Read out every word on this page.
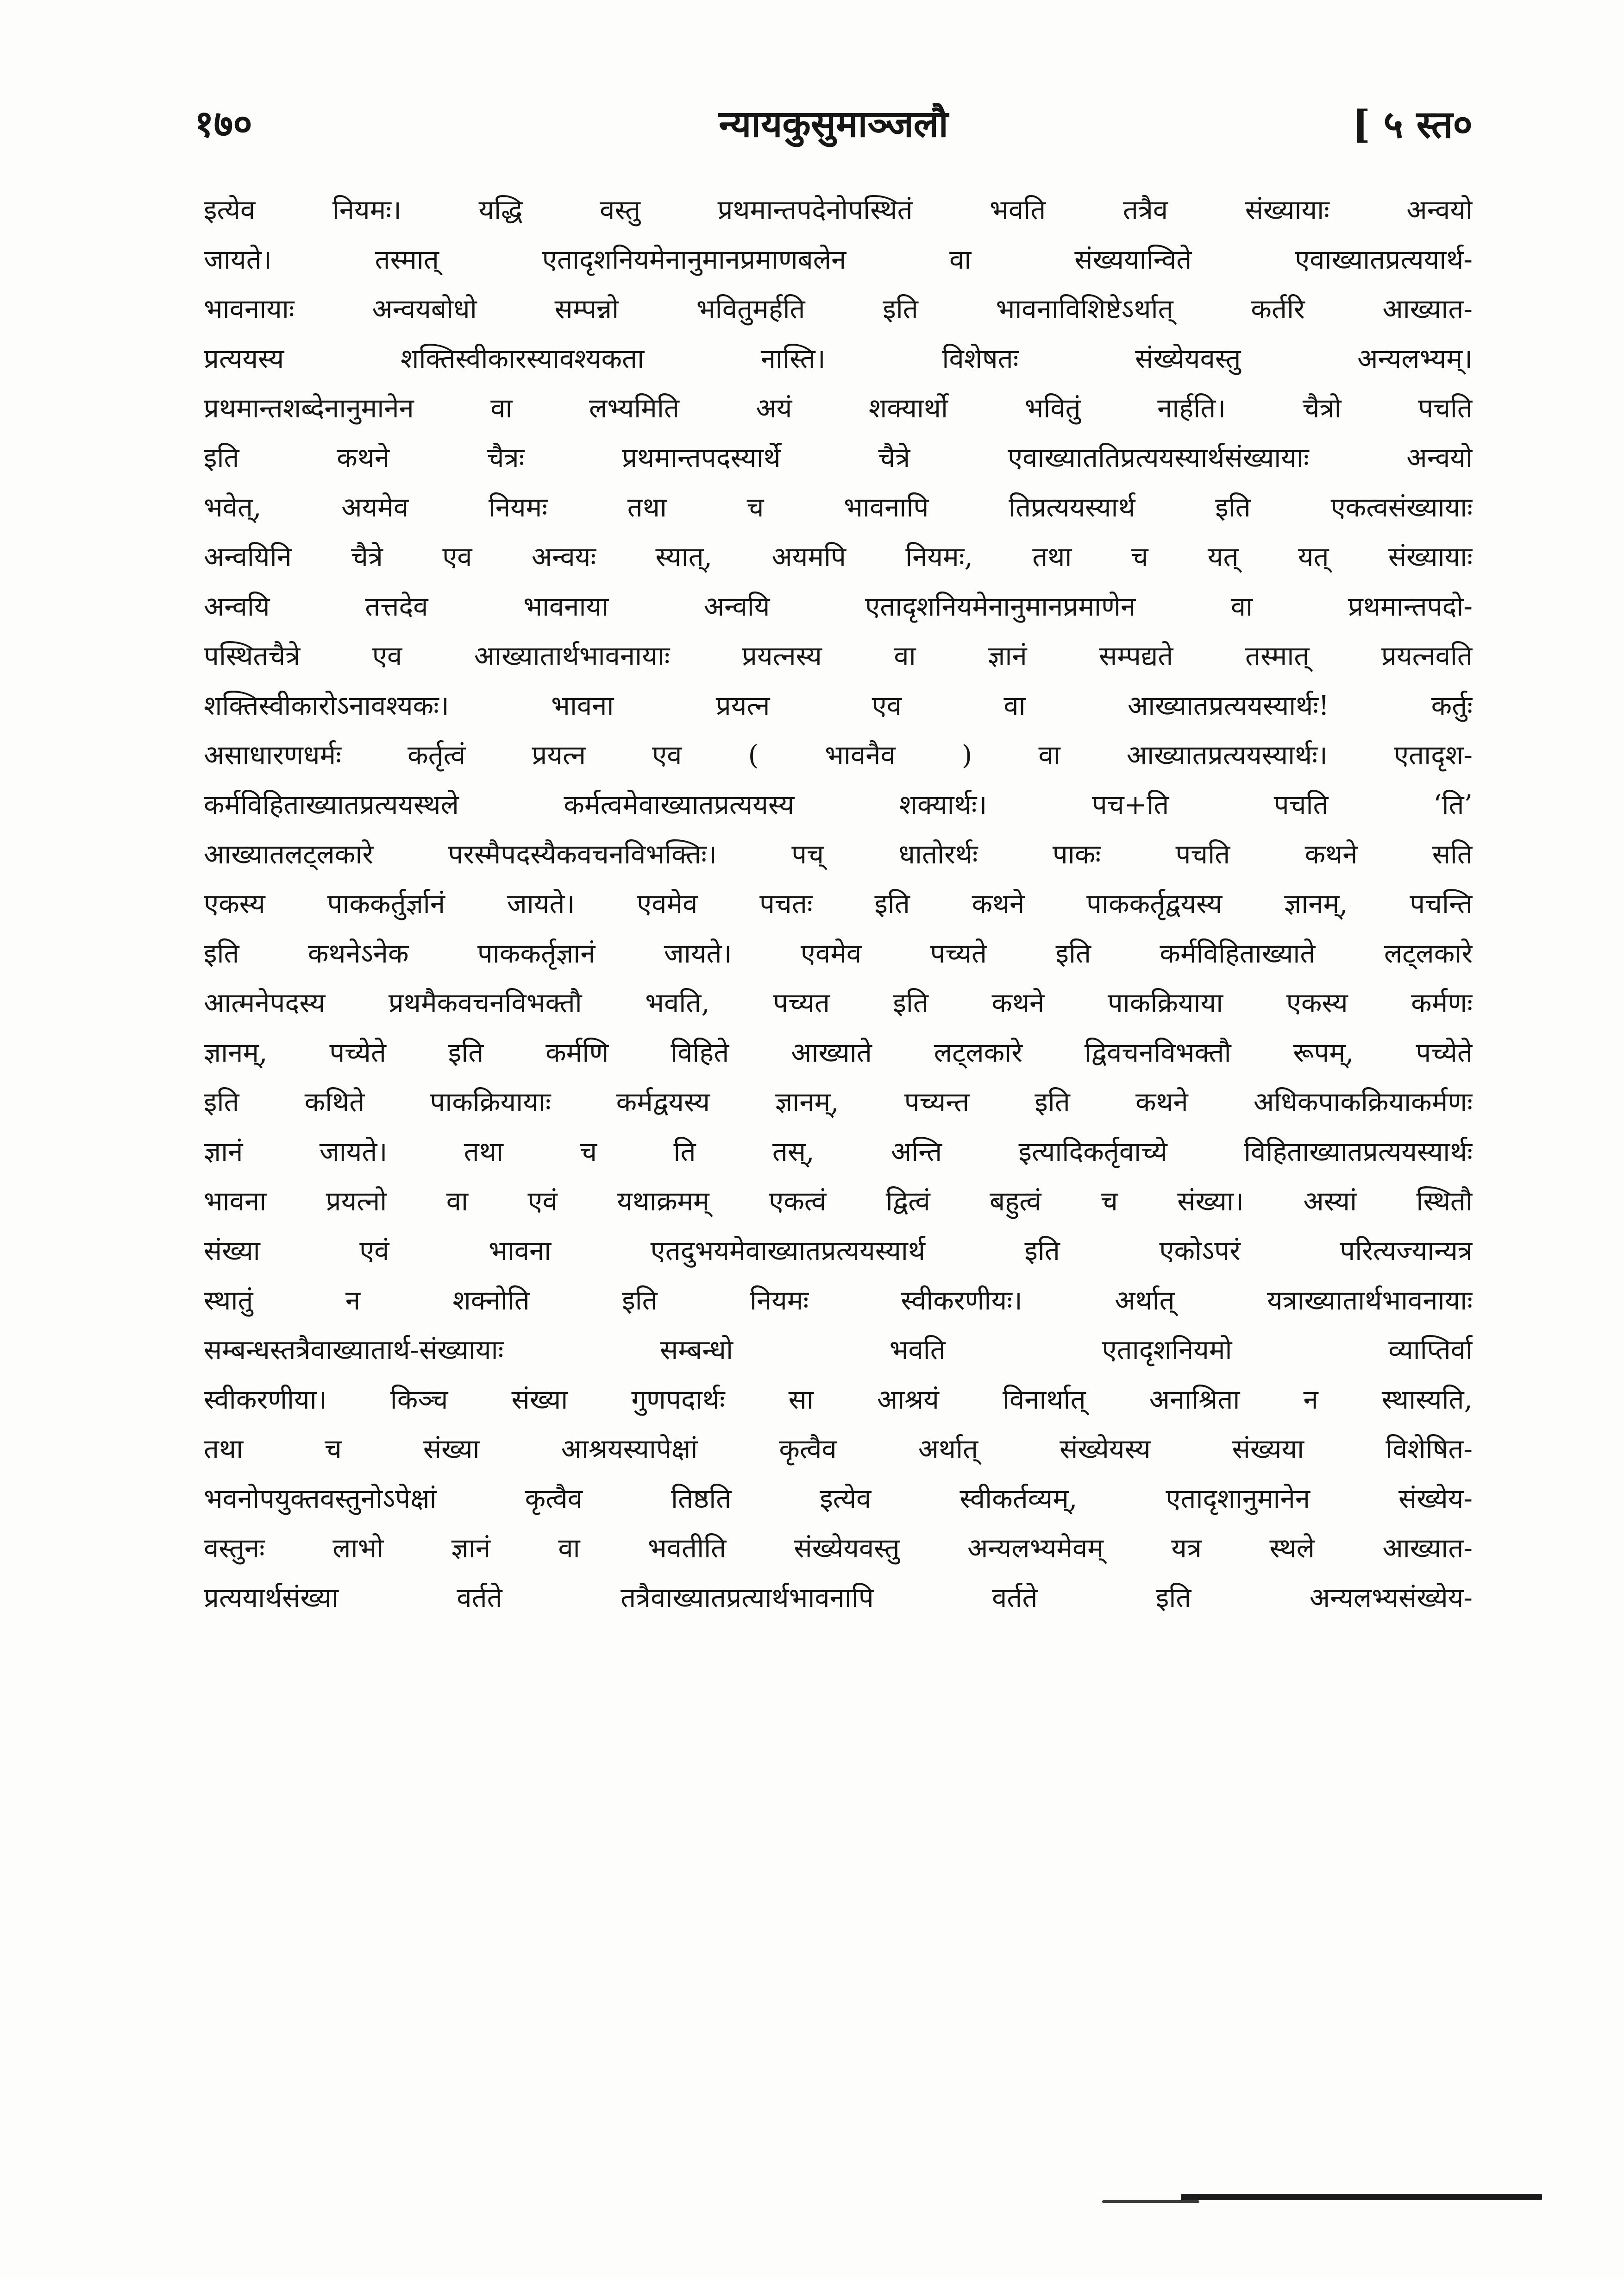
१७०	न्यायकुसुमाञ्जलौ	[ ५ स्त०
इत्येव नियमः। यद्धि वस्तु प्रथमान्तपदेनोपस्थितं भवति तत्रैव संख्यायाः अन्वयो
जायते। तस्मात् एतादृशनियमेनानुमानप्रमाणबलेन वा संख्ययान्विते एवाख्यातप्रत्ययार्थ-
भावनायाः अन्वयबोधो सम्पन्नो भवितुमर्हति इति भावनाविशिष्टेऽर्थात् कर्तरि आख्यात-
प्रत्ययस्य शक्तिस्वीकारस्यावश्यकता नास्ति। विशेषतः संख्येयवस्तु अन्यलभ्यम्।
प्रथमान्तशब्देनानुमानेन वा लभ्यमिति अयं शक्यार्थो भवितुं नार्हति। चैत्रो पचति
इति कथने चैत्रः प्रथमान्तपदस्यार्थे चैत्रे एवाख्याततिप्रत्ययस्यार्थसंख्यायाः अन्वयो
भवेत्, अयमेव नियमः तथा च भावनापि तिप्रत्ययस्यार्थ इति एकत्वसंख्यायाः
अन्वयिनि चैत्रे एव अन्वयः स्यात्, अयमपि नियमः, तथा च यत् यत् संख्यायाः
अन्वयि तत्तदेव भावनाया अन्वयि एतादृशनियमेनानुमानप्रमाणेन वा प्रथमान्तपदो-
पस्थितचैत्रे एव आख्यातार्थभावनायाः प्रयत्नस्य वा ज्ञानं सम्पद्यते तस्मात् प्रयत्नवति
शक्तिस्वीकारोऽनावश्यकः। भावना प्रयत्न एव वा आख्यातप्रत्ययस्यार्थः! कर्तुः
असाधारणधर्मः कर्तृत्वं प्रयत्न एव ( भावनैव ) वा आख्यातप्रत्ययस्यार्थः। एतादृश-
कर्मविहिताख्यातप्रत्ययस्थले कर्मत्वमेवाख्यातप्रत्ययस्य शक्यार्थः। पच+ति पचति ‘ति’
आख्यातलट्लकारे परस्मैपदस्यैकवचनविभक्तिः। पच् धातोरर्थः पाकः पचति कथने सति
एकस्य पाककर्तुर्ज्ञानं जायते। एवमेव पचतः इति कथने पाककर्तृद्वयस्य ज्ञानम्, पचन्ति
इति कथनेऽनेक पाककर्तृज्ञानं जायते। एवमेव पच्यते इति कर्मविहिताख्याते लट्लकारे
आत्मनेपदस्य प्रथमैकवचनविभक्तौ भवति, पच्यत इति कथने पाकक्रियाया एकस्य कर्मणः
ज्ञानम्, पच्येते इति कर्मणि विहिते आख्याते लट्लकारे द्विवचनविभक्तौ रूपम्, पच्येते
इति कथिते पाकक्रियायाः कर्मद्वयस्य ज्ञानम्, पच्यन्त इति कथने अधिकपाकक्रियाकर्मणः
ज्ञानं जायते। तथा च ति तस्, अन्ति इत्यादिकर्तृवाच्ये विहिताख्यातप्रत्ययस्यार्थः
भावना प्रयत्नो वा एवं यथाक्रमम् एकत्वं द्वित्वं बहुत्वं च संख्या। अस्यां स्थितौ
संख्या एवं भावना एतदुभयमेवाख्यातप्रत्ययस्यार्थ इति एकोऽपरं परित्यज्यान्यत्र
स्थातुं न शक्नोति इति नियमः स्वीकरणीयः। अर्थात् यत्राख्यातार्थभावनायाः
सम्बन्धस्तत्रैवाख्यातार्थ-संख्यायाः सम्बन्धो भवति एतादृशनियमो व्याप्तिर्वा
स्वीकरणीया। किञ्च संख्या गुणपदार्थः सा आश्रयं विनार्थात् अनाश्रिता न स्थास्यति,
तथा च संख्या आश्रयस्यापेक्षां कृत्वैव अर्थात् संख्येयस्य संख्यया विशेषित-
भवनोपयुक्तवस्तुनोऽपेक्षां कृत्वैव तिष्ठति इत्येव स्वीकर्तव्यम्, एतादृशानुमानेन संख्येय-
वस्तुनः लाभो ज्ञानं वा भवतीति संख्येयवस्तु अन्यलभ्यमेवम् यत्र स्थले आख्यात-
प्रत्ययार्थसंख्या वर्तते तत्रैवाख्यातप्रत्यार्थभावनापि वर्तते इति अन्यलभ्यसंख्येय-
